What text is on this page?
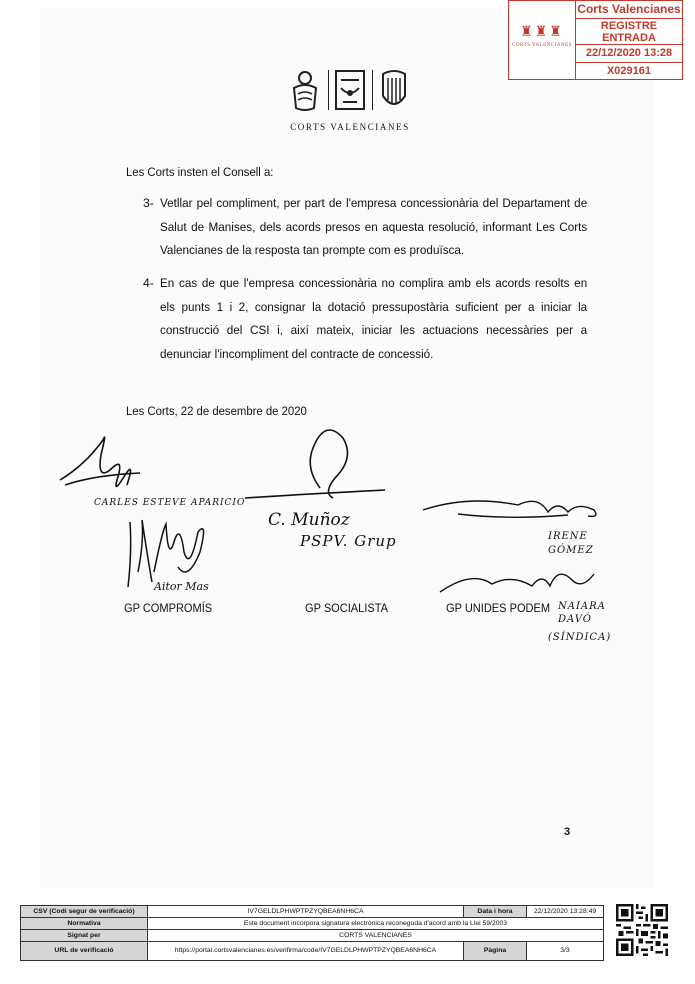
♜♜♜
CORTS VALENCIANES
Corts Valencianes
REGISTRE
ENTRADA
22/12/2020 13:28
X029161
CORTS VALENCIANES
Les Corts insten el Consell a:
3- Vetllar pel compliment, per part de l'empresa concessionària del Departament de Salut de Manises, dels acords presos en aquesta resolució, informant Les Corts Valencianes de la resposta tan prompte com es produïsca.
4- En cas de que l'empresa concessionària no complira amb els acords resolts en els punts 1 i 2, consignar la dotació pressupostària suficient per a iniciar la construcció del CSI i, així mateix, iniciar les actuacions necessàries per a denunciar l'incompliment del contracte de concessió.
Les Corts, 22 de desembre de 2020
CARLES ESTEVE APARICIO
Aitor Mas
C. Muñoz
PSPV. Grup	IRENE GÓMEZ
NAIARA DAVÓ
(SÍNDICA)
GP COMPROMÍS	GP SOCIALISTA	GP UNIDES PODEM
3
CSV (Codi segur de verificació)	IV7GELDLPHWPTPZYQBEA6NH6CA	Data i hora	22/12/2020 13:28:49
Normativa	Este document incorpora signatura electrònica reconeguda d'acord amb la Llei 59/2003		
Signat per	CORTS VALENCIANES		
URL de verificació	https://portal.cortsvalencianes.es/verifirma/code/IV7GELDLPHWPTPZYQBEA6NH6CA	Pàgina	3/3
